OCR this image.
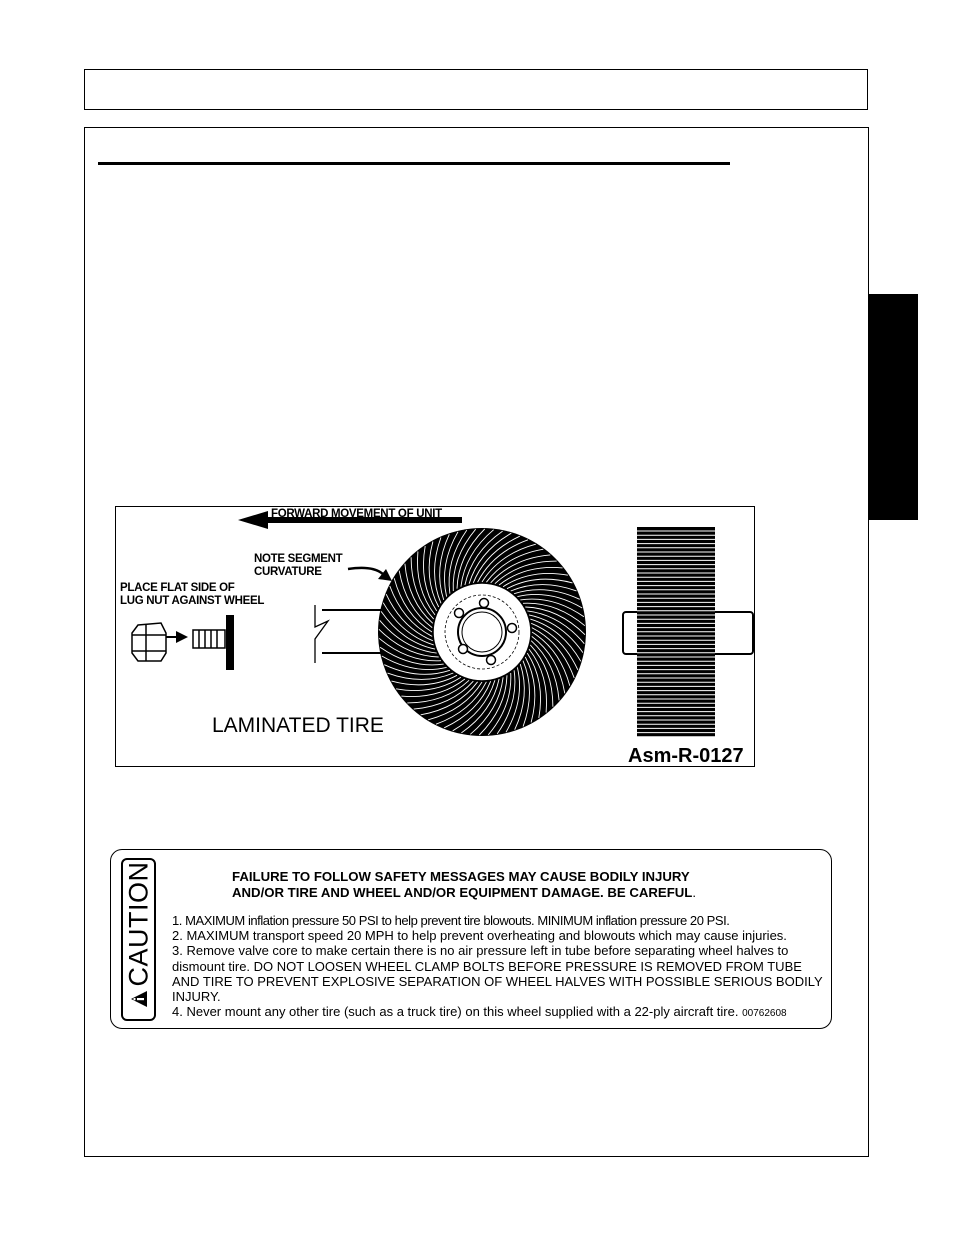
FORWARD MOVEMENT OF UNIT
NOTE SEGMENT
CURVATURE
PLACE FLAT SIDE OF
LUG NUT AGAINST WHEEL
LAMINATED TIRE
Asm-R-0127
CAUTION	FAILURE TO FOLLOW SAFETY MESSAGES MAY CAUSE BODILY INJURY
AND/OR TIRE AND WHEEL AND/OR EQUIPMENT DAMAGE. BE CAREFUL.
1. MAXIMUM inflation pressure 50 PSI to help prevent tire blowouts. MINIMUM inflation pressure 20 PSI.
2. MAXIMUM transport speed 20 MPH to help prevent overheating and blowouts which may cause injuries.
3. Remove valve core to make certain there is no air pressure left in tube before separating wheel halves to dismount tire. DO NOT LOOSEN WHEEL CLAMP BOLTS BEFORE PRESSURE IS REMOVED FROM TUBE AND TIRE TO PREVENT EXPLOSIVE SEPARATION OF WHEEL HALVES WITH POSSIBLE SERIOUS BODILY INJURY.
4. Never mount any other tire (such as a truck tire) on this wheel supplied with a 22-ply aircraft tire. 00762608
